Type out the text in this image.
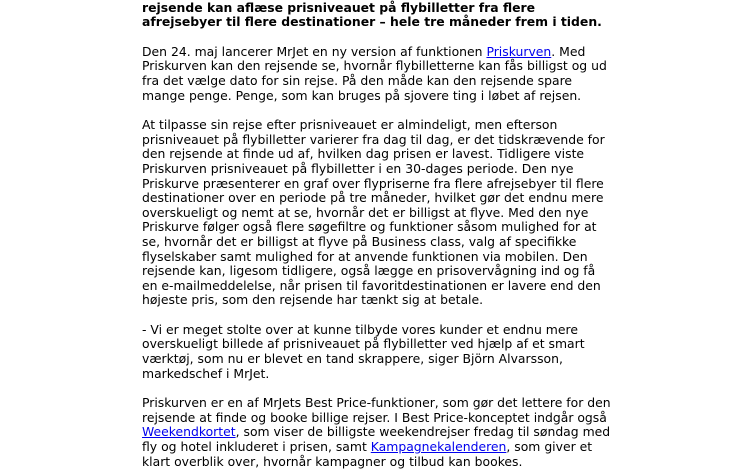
rejsende kan aflæse prisniveauet på flybilletter fra flere afrejsebyer til flere destinationer – hele tre måneder frem i tiden.

Den 24. maj lancerer MrJet en ny version af funktionen Priskurven. Med Priskurven kan den rejsende se, hvornår flybilletterne kan fås billigst og ud fra det vælge dato for sin rejse. På den måde kan den rejsende spare mange penge. Penge, som kan bruges på sjovere ting i løbet af rejsen.

At tilpasse sin rejse efter prisniveauet er almindeligt, men efterson prisniveauet på flybilletter varierer fra dag til dag, er det tidskrævende for den rejsende at finde ud af, hvilken dag prisen er lavest. Tidligere viste Priskurven prisniveauet på flybilletter i en 30-dages periode. Den nye Priskurve præsenterer en graf over flypriserne fra flere afrejsebyer til flere destinationer over en periode på tre måneder, hvilket gør det endnu mere overskueligt og nemt at se, hvornår det er billigst at flyve. Med den nye Priskurve følger også flere søgefiltre og funktioner såsom mulighed for at se, hvornår det er billigst at flyve på Business class, valg af specifikke flyselskaber samt mulighed for at anvende funktionen via mobilen. Den rejsende kan, ligesom tidligere, også lægge en prisovervågning ind og få en e-mailmeddelelse, når prisen til favoritdestinationen er lavere end den højeste pris, som den rejsende har tænkt sig at betale.

- Vi er meget stolte over at kunne tilbyde vores kunder et endnu mere overskueligt billede af prisniveauet på flybilletter ved hjælp af et smart værktøj, som nu er blevet en tand skrappere, siger Björn Alvarsson, markedschef i MrJet.

Priskurven er en af MrJets Best Price-funktioner, som gør det lettere for den rejsende at finde og booke billige rejser. I Best Price-konceptet indgår også Weekendkortet, som viser de billigste weekendrejser fredag til søndag med fly og hotel inkluderet i prisen, samt Kampagnekalenderen, som giver et klart overblik over, hvornår kampagner og tilbud kan bookes.
